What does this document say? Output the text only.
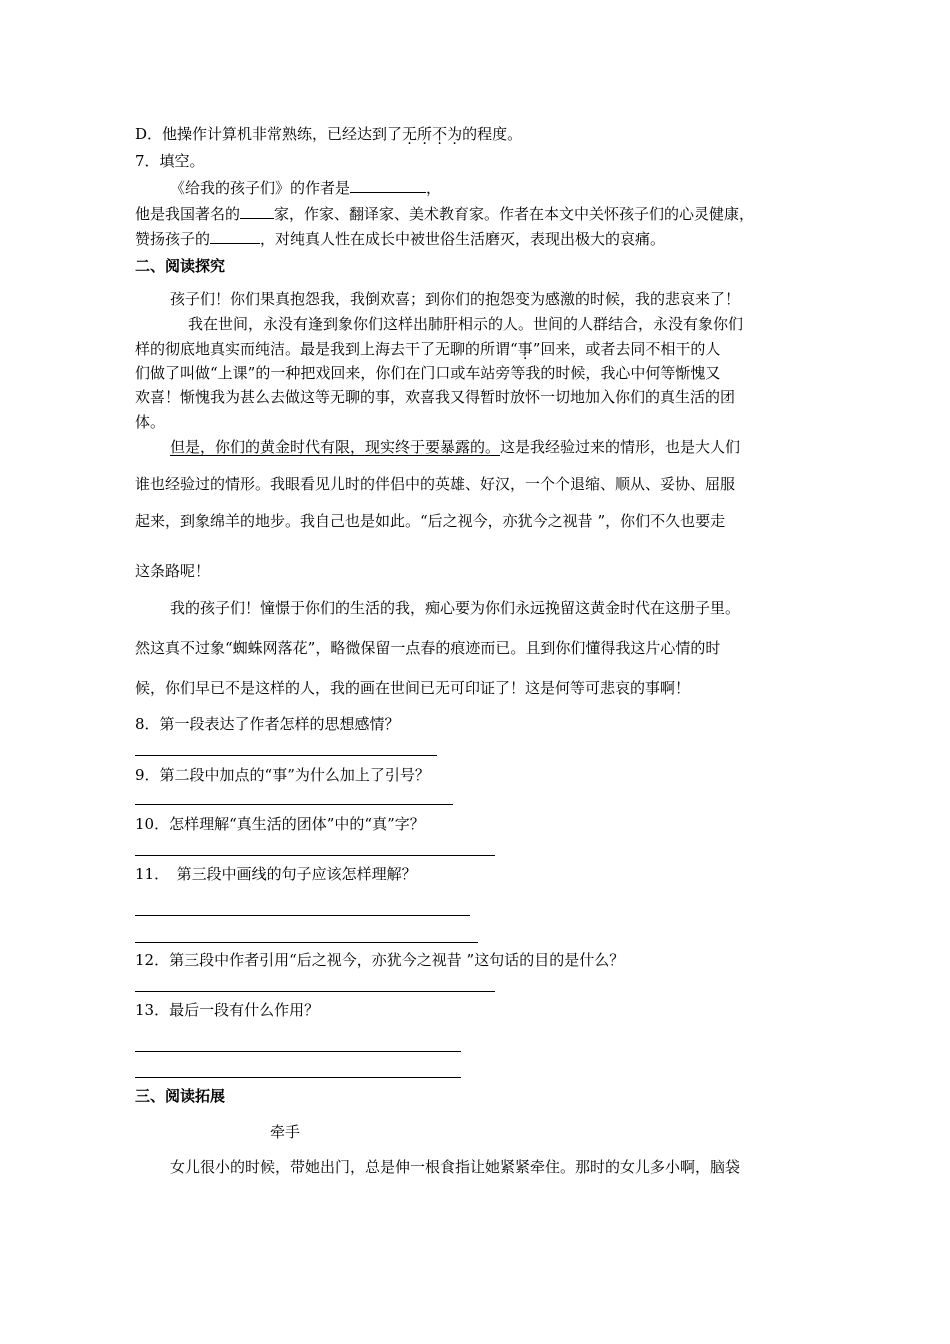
D．他操作计算机非常熟练，已经达到了无所不为的程度。
7．填空。
《给我的孩子们》的作者是	，
他是我国著名的 家，作家、翻译家、美术教育家。作者在本文中关怀孩子们的心灵健康，
赞扬孩子的	，对纯真人性在成长中被世俗生活磨灭，表现出极大的哀痛。
二、阅读探究
孩子们！你们果真抱怨我，我倒欢喜；到你们的抱怨变为感激的时候，我的悲哀来了！
我在世间，永没有逢到象你们这样出肺肝相示的人。世间的人群结合，永没有象你们
样的彻底地真实而纯洁。最是我到上海去干了无聊的所谓“事”回来，或者去同不相干的人
们做了叫做“上课”的一种把戏回来，你们在门口或车站旁等我的时候，我心中何等惭愧又
欢喜！惭愧我为甚么去做这等无聊的事，欢喜我又得暂时放怀一切地加入你们的真生活的团
体。
但是，你们的黄金时代有限，现实终于要暴露的。这是我经验过来的情形，也是大人们
谁也经验过的情形。我眼看见儿时的伴侣中的英雄、好汉，一个个退缩、顺从、妥协、屈服
起来，到象绵羊的地步。我自己也是如此。“后之视今，亦犹今之视昔 ”，你们不久也要走
这条路呢！
我的孩子们！憧憬于你们的生活的我，痴心要为你们永远挽留这黄金时代在这册子里。
然这真不过象“蜘蛛网落花”，略微保留一点春的痕迹而已。且到你们懂得我这片心情的时
候，你们早已不是这样的人，我的画在世间已无可印证了！这是何等可悲哀的事啊！
8．第一段表达了作者怎样的思想感情？
9．第二段中加点的“事”为什么加上了引号？
10．怎样理解“真生活的团体”中的“真”字？
11．　第三段中画线的句子应该怎样理解？
12．第三段中作者引用“后之视今，亦犹今之视昔 ”这句话的目的是什么？
13．最后一段有什么作用？
三、阅读拓展
牵手
女儿很小的时候，带她出门，总是伸一根食指让她紧紧牵住。那时的女儿多小啊，脑袋
